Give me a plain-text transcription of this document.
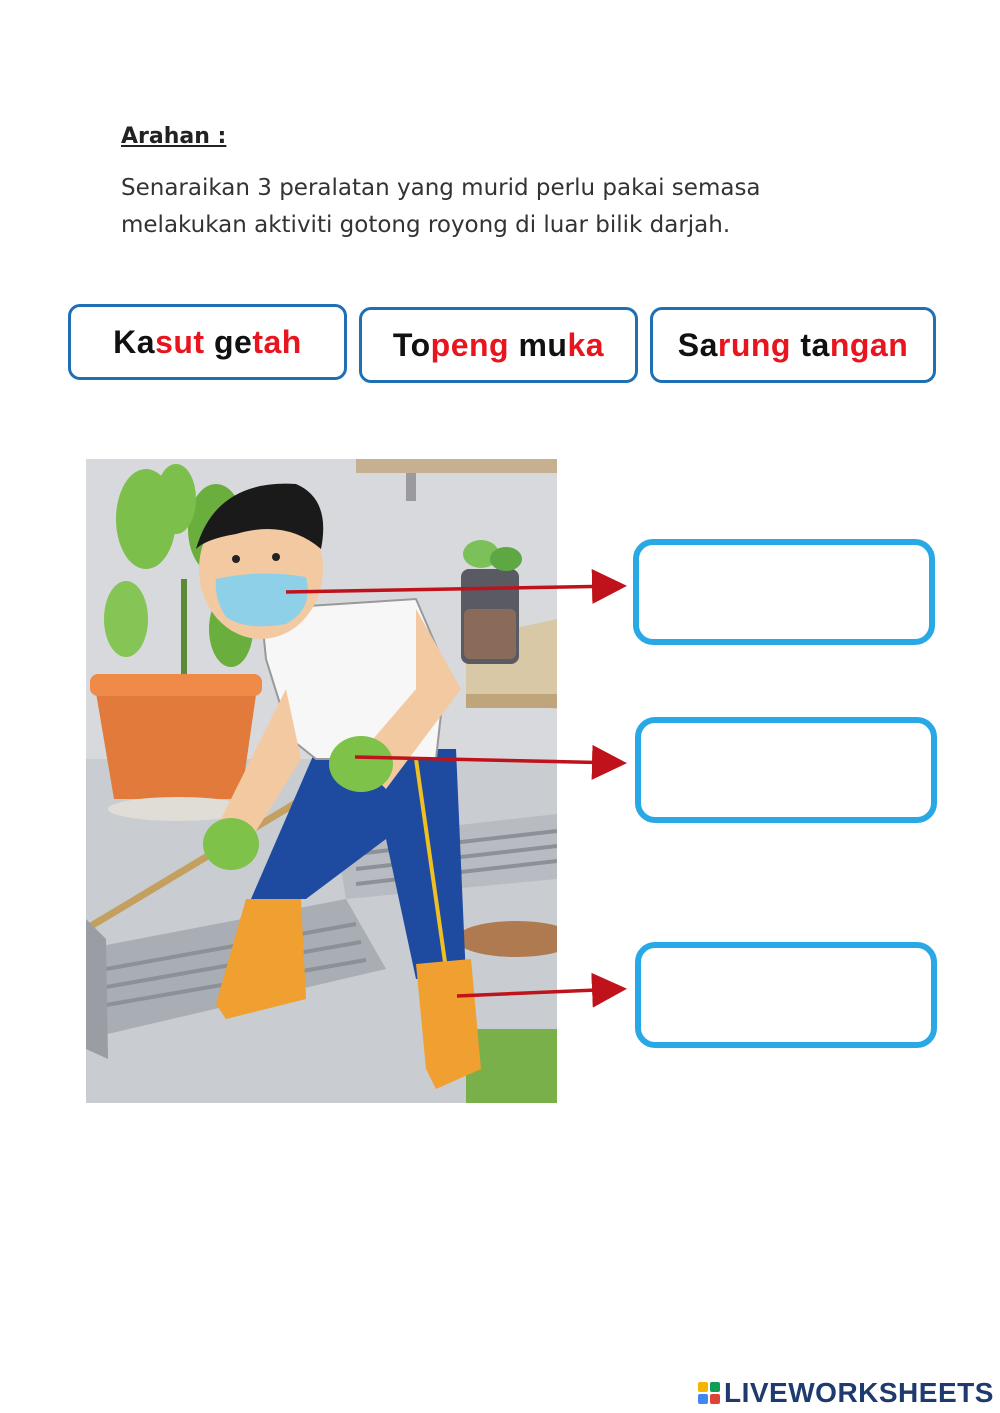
Arahan :
Senaraikan 3 peralatan yang murid perlu pakai semasa melakukan aktiviti gotong royong di luar bilik darjah.
Ka sut ge tah	To peng mu ka Sa rung ta ngan
LIVEWORKSHEETS
